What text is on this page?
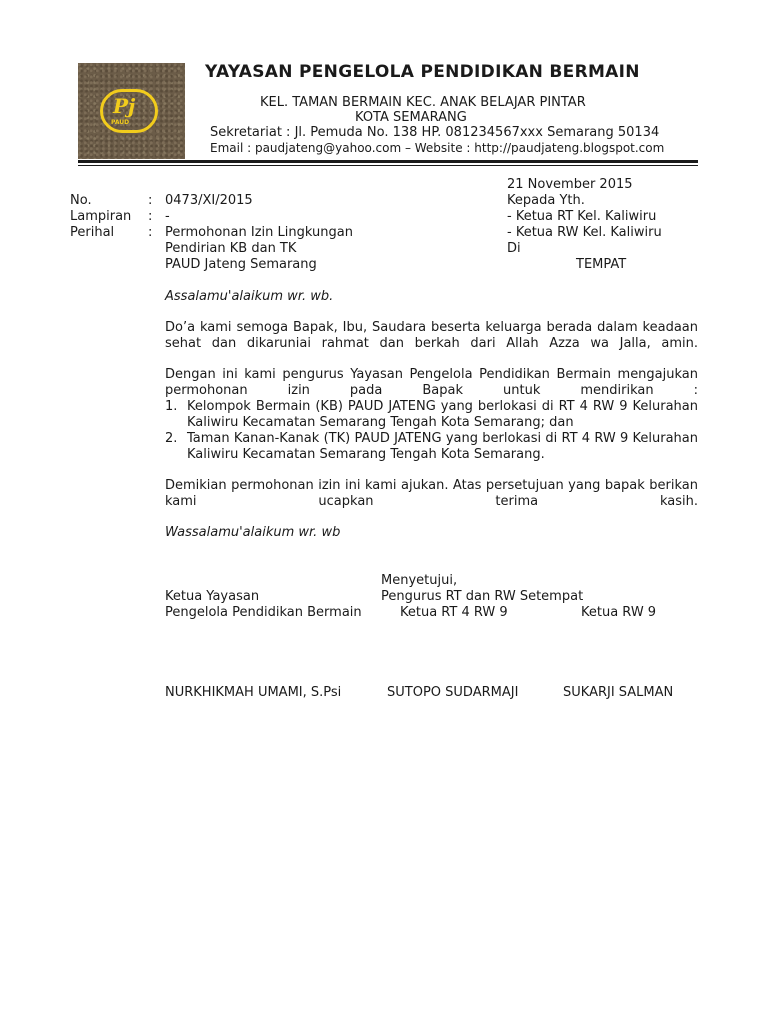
Pj
PAUD
YAYASAN PENGELOLA PENDIDIKAN BERMAIN
KEL. TAMAN BERMAIN KEC. ANAK BELAJAR PINTAR
KOTA SEMARANG
Sekretariat : Jl. Pemuda No. 138 HP. 081234567xxx Semarang 50134
Email : paudjateng@yahoo.com – Website : http://paudjateng.blogspot.com
21 November 2015
No.	: 0473/XI/2015
Lampiran : -
Perihal	: Permohonan Izin Lingkungan
Pendirian KB dan TK
PAUD Jateng Semarang
Kepada Yth.
- Ketua RT Kel. Kaliwiru
- Ketua RW Kel. Kaliwiru
Di
TEMPAT
Assalamu'alaikum wr. wb.
Do’a kami semoga Bapak, Ibu, Saudara beserta keluarga berada dalam keadaan sehat dan dikaruniai rahmat dan berkah dari Allah Azza wa Jalla, amin.
Dengan ini kami pengurus Yayasan Pengelola Pendidikan Bermain mengajukan permohonan izin pada Bapak untuk mendirikan :
1. Kelompok Bermain (KB) PAUD JATENG yang berlokasi di RT 4 RW 9 Kelurahan Kaliwiru Kecamatan Semarang Tengah Kota Semarang; dan
2. Taman Kanan-Kanak (TK) PAUD JATENG yang berlokasi di RT 4 RW 9 Kelurahan Kaliwiru Kecamatan Semarang Tengah Kota Semarang.
Demikian permohonan izin ini kami ajukan. Atas persetujuan yang bapak berikan kami ucapkan terima kasih.
Wassalamu'alaikum wr. wb
Menyetujui,
Ketua Yayasan	Pengurus RT dan RW Setempat
Pengelola Pendidikan Bermain	Ketua RT 4 RW 9	Ketua RW 9
NURKHIKMAH UMAMI, S.Psi	SUTOPO SUDARMAJI	SUKARJI SALMAN
